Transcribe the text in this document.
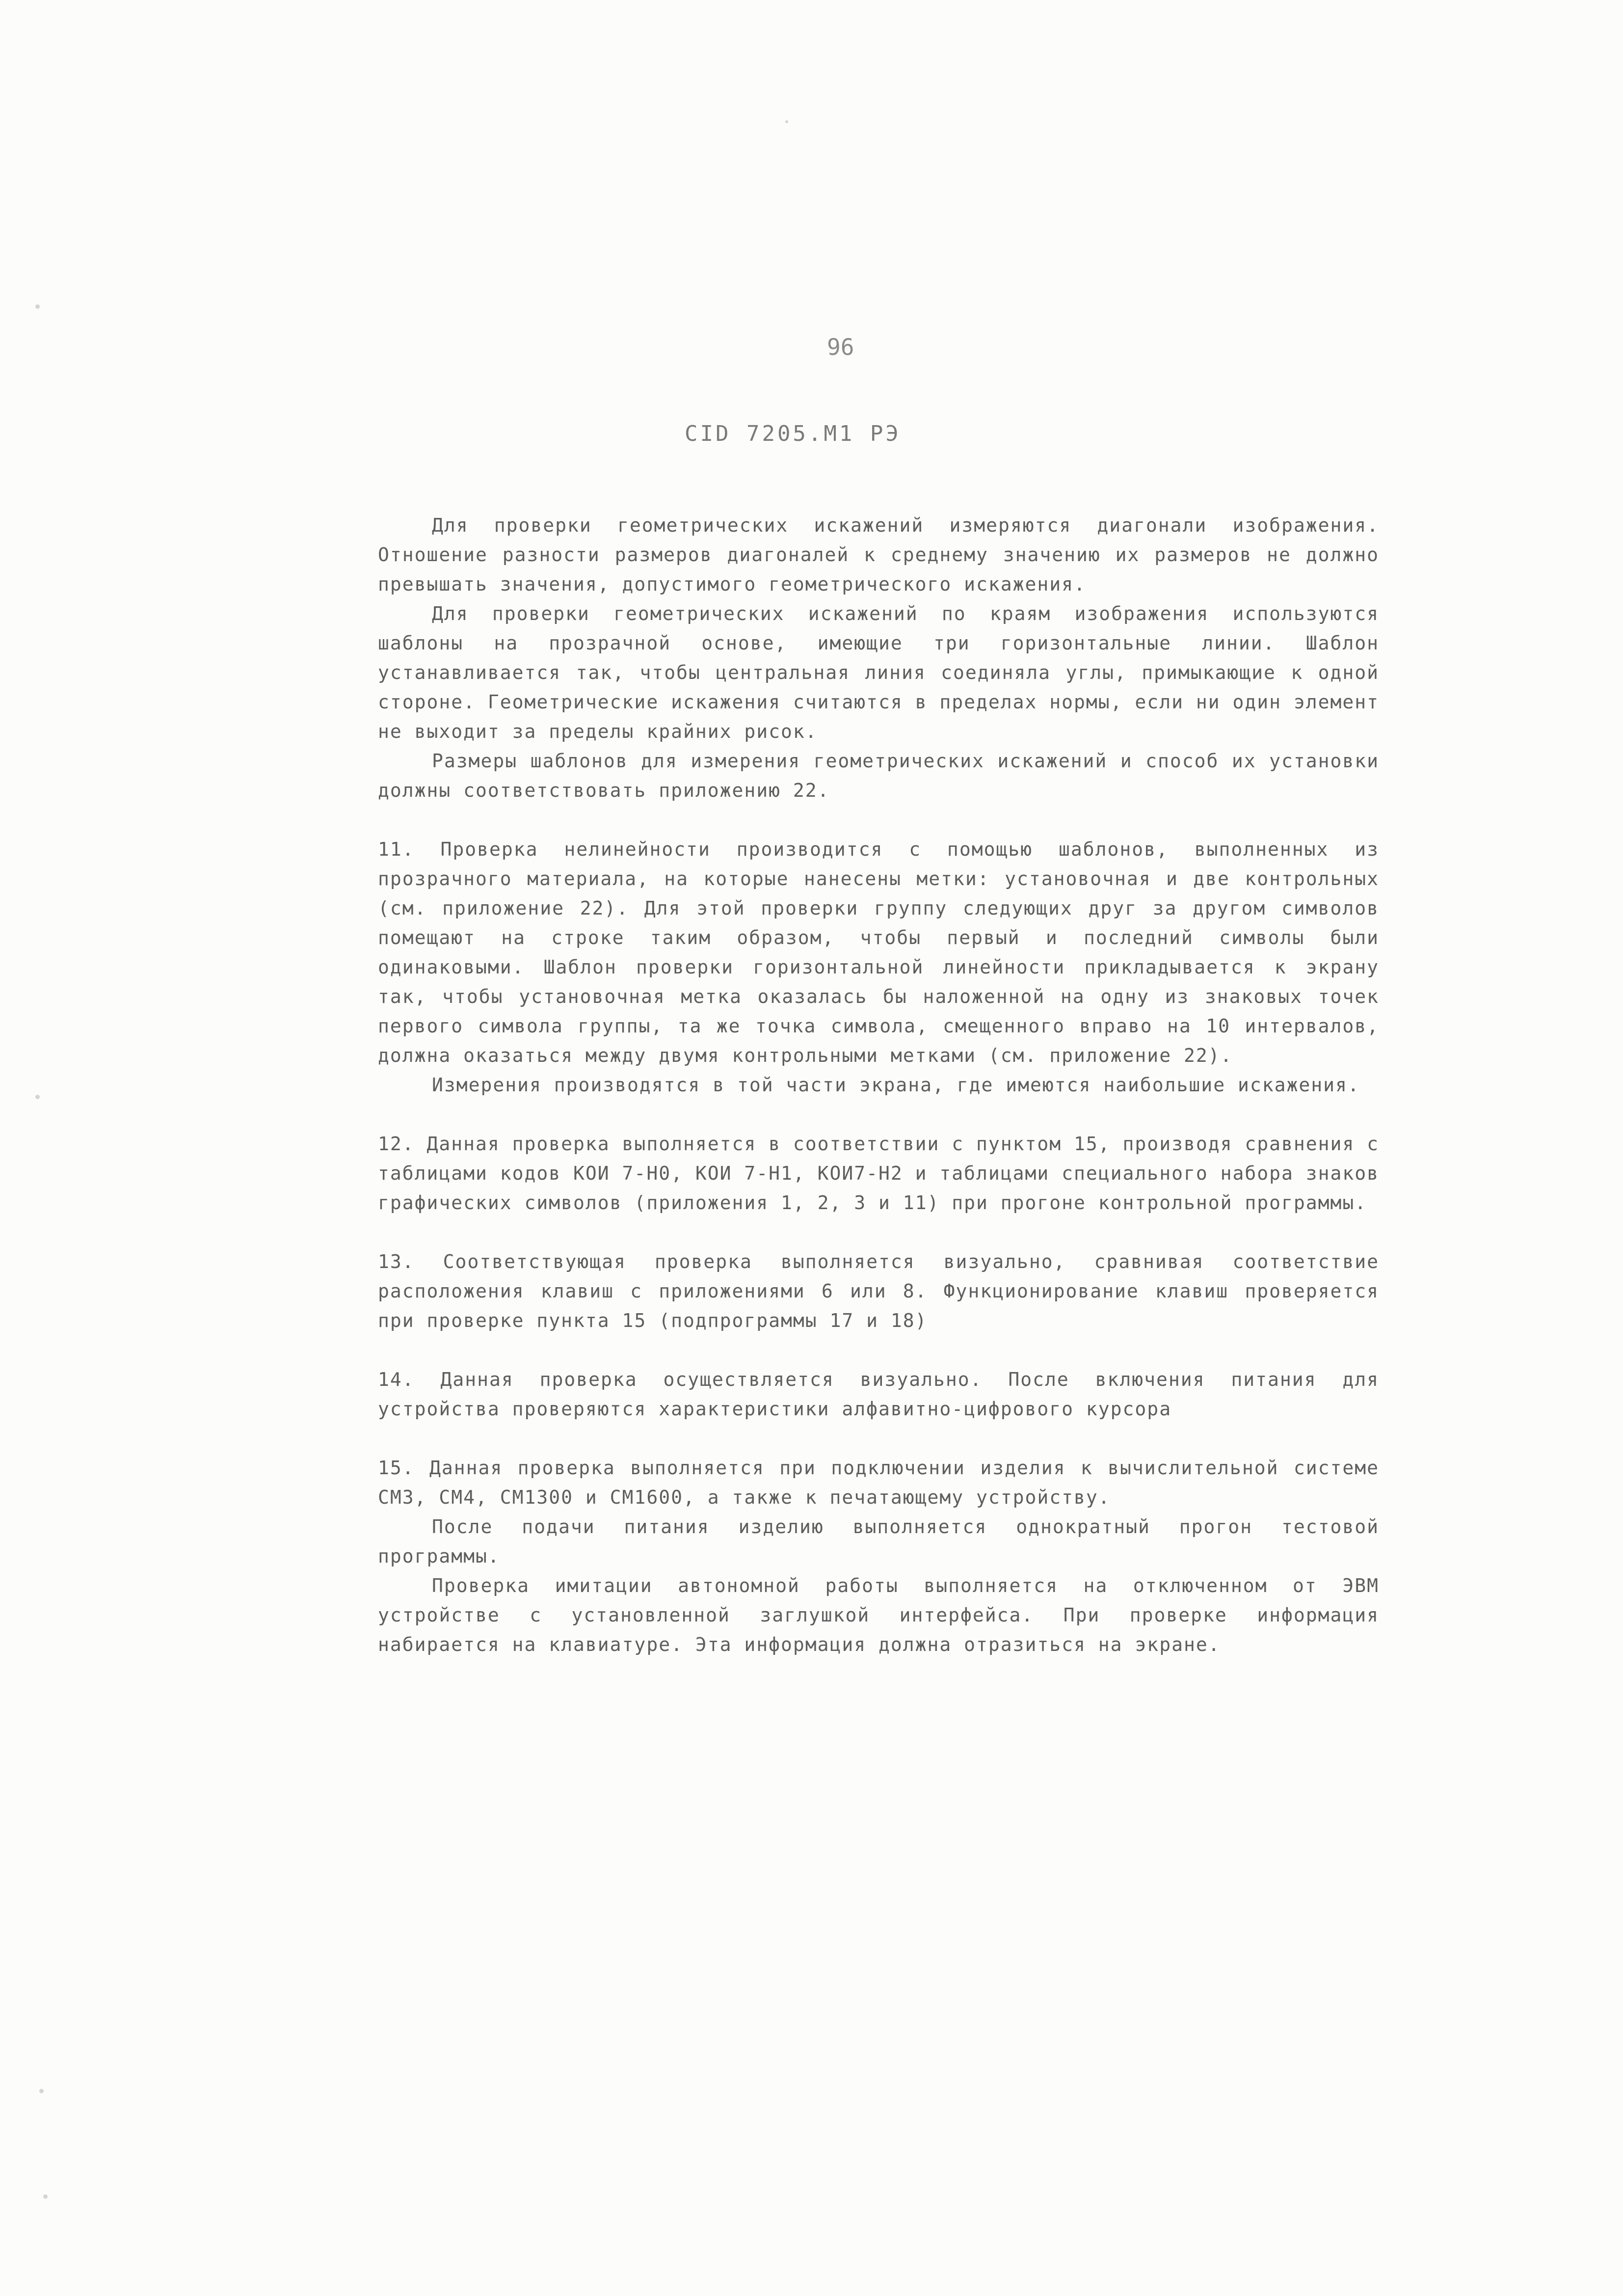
96
СID 7205.М1 РЭ

Для проверки геометрических искажений измеряются диагонали изображения. Отношение разности размеров диагоналей к среднему значению их размеров не должно превышать значения, допустимого геометрического искажения.

Для проверки геометрических искажений по краям изображения используются шаблоны на прозрачной основе, имеющие три горизонтальные линии. Шаблон устанавливается так, чтобы центральная линия соединяла углы, примыкающие к одной стороне. Геометрические искажения считаются в пределах нормы, если ни один элемент не выходит за пределы крайних рисок.

Размеры шаблонов для измерения геометрических искажений и способ их установки должны соответствовать приложению 22.

11. Проверка нелинейности производится с помощью шаблонов, выполненных из прозрачного материала, на которые нанесены метки: установочная и две контрольных (см. приложение 22). Для этой проверки группу следующих друг за другом символов помещают на строке таким образом, чтобы первый и последний символы были одинаковыми. Шаблон проверки горизонтальной линейности прикладывается к экрану так, чтобы установочная метка оказалась бы наложенной на одну из знаковых точек первого символа группы, та же точка символа, смещенного вправо на 10 интервалов, должна оказаться между двумя контрольными метками (см. приложение 22).

Измерения производятся в той части экрана, где имеются наибольшие искажения.

12. Данная проверка выполняется в соответствии с пунктом 15, производя сравнения с таблицами кодов КОИ 7-Н0, КОИ 7-Н1, КОИ7-Н2 и таблицами специального набора знаков графических символов (приложения 1, 2, 3 и 11) при прогоне контрольной программы.

13. Соответствующая проверка выполняется визуально, сравнивая соответствие расположения клавиш с приложениями 6 или 8. Функционирование клавиш проверяется при проверке пункта 15 (подпрограммы 17 и 18)

14. Данная проверка осуществляется визуально. После включения питания для устройства проверяются характеристики алфавитно-цифрового курсора

15. Данная проверка выполняется при подключении изделия к вычислительной системе СМ3, СМ4, СМ1300 и СМ1600, а также к печатающему устройству.

После подачи питания изделию выполняется однократный прогон тестовой программы.

Проверка имитации автономной работы выполняется на отключенном от ЭВМ устройстве с установленной заглушкой интерфейса. При проверке информация набирается на клавиатуре. Эта информация должна отразиться на экране.
